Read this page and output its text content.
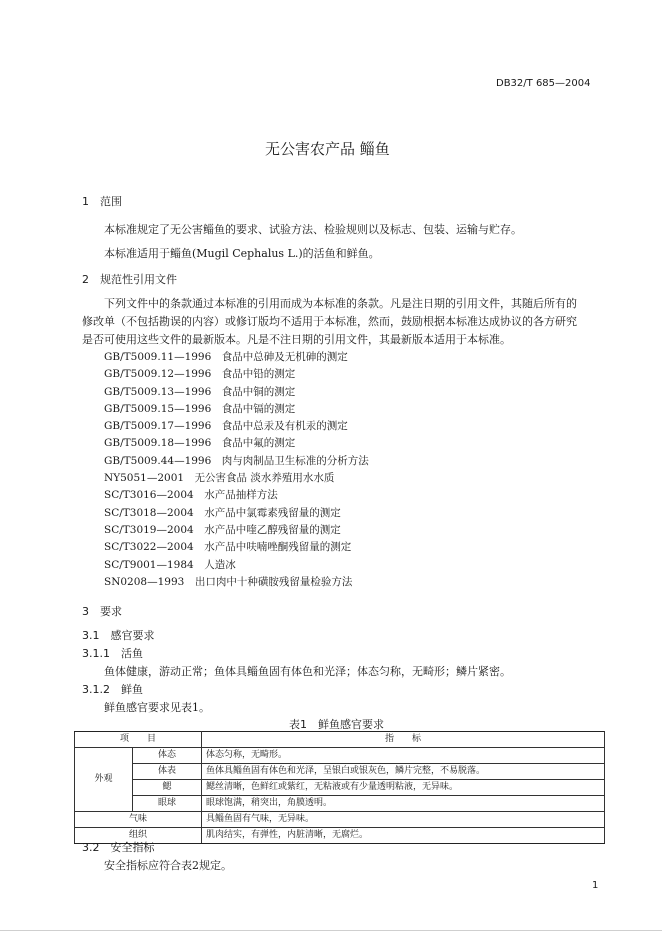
DB32/T 685—2004
无公害农产品 鲻鱼
1　范围
本标准规定了无公害鲻鱼的要求、试验方法、检验规则以及标志、包装、运输与贮存。
本标准适用于鲻鱼(Mugil Cephalus L.)的活鱼和鲜鱼。
2　规范性引用文件
下列文件中的条款通过本标准的引用而成为本标准的条款。凡是注日期的引用文件，其随后所有的
修改单（不包括勘误的内容）或修订版均不适用于本标准，然而，鼓励根据本标准达成协议的各方研究
是否可使用这些文件的最新版本。凡是不注日期的引用文件，其最新版本适用于本标准。
GB/T5009.11—1996　食品中总砷及无机砷的测定
GB/T5009.12—1996　食品中铅的测定
GB/T5009.13—1996　食品中铜的测定
GB/T5009.15—1996　食品中镉的测定
GB/T5009.17—1996　食品中总汞及有机汞的测定
GB/T5009.18—1996　食品中氟的测定
GB/T5009.44—1996　肉与肉制品卫生标准的分析方法
NY5051—2001　无公害食品 淡水养殖用水水质
SC/T3016—2004　水产品抽样方法
SC/T3018—2004　水产品中氯霉素残留量的测定
SC/T3019—2004　水产品中喹乙醇残留量的测定
SC/T3022—2004　水产品中呋喃唑酮残留量的测定
SC/T9001—1984　人造冰
SN0208—1993　出口肉中十种磺胺残留量检验方法
3　要求
3.1　感官要求
3.1.1　活鱼
鱼体健康，游动正常；鱼体具鲻鱼固有体色和光泽；体态匀称，无畸形；鳞片紧密。
3.1.2　鲜鱼
鲜鱼感官要求见表1。
表1　鲜鱼感官要求
项　　目		指　　标
外观	体态	体态匀称，无畸形。
	体表	鱼体具鲻鱼固有体色和光泽，呈银白或银灰色，鳞片完整，不易脱落。
	鳃	鳃丝清晰，色鲜红或紫红，无粘液或有少量透明粘液，无异味。
	眼球	眼球饱满，稍突出，角膜透明。
气味		具鲻鱼固有气味，无异味。
组织		肌肉结实，有弹性，内脏清晰，无腐烂。
3.2　安全指标
安全指标应符合表2规定。
1
